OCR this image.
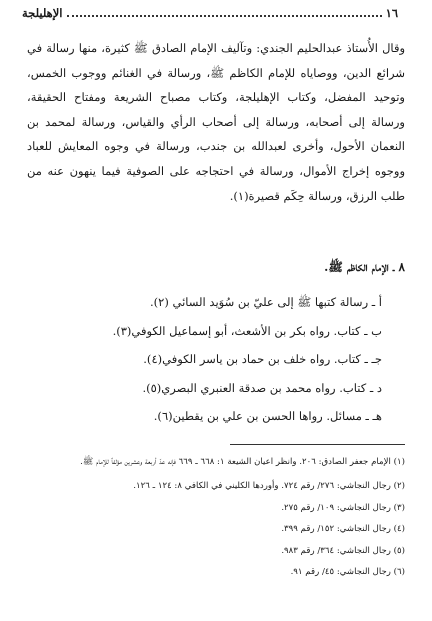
١٦
الإهليلجة

وقال الأُستاذ عبدالحليم الجندي: وتآليف الإمام الصادق ﷺ كثيرة، منها رسالة في شرائع الدين، ووصاياه للإمام الكاظم ﷺ، ورسالة في الغنائم ووجوب الخمس، وتوحيد المفضل، وكتاب الإهليلجة، وكتاب مصباح الشريعة ومفتاح الحقيقة، ورسالة إلى أصحابه، ورسالة إلى أصحاب الرأي والقياس، ورسالة لمحمد بن النعمان الأحول، وأخرى لعبدالله بن جندب، ورسالة في وجوه المعايش للعباد ووجوه إخراج الأموال، ورسالة في احتجاجه على الصوفية فيما ينهون عنه من طلب الرزق، ورسالة حِكَم قصيرة(١).

٨ ـ الإمام الكاظم ﷺ.
أ ـ رسالة كتبها ﷺ إلى عليّ بن سُوَيد السائي (٢).
ب ـ كتاب. رواه بكر بن الأشعث، أبو إسماعيل الكوفي(٣).
جـ ـ كتاب. رواه خلف بن حماد بن ياسر الكوفي(٤).
د ـ كتاب. رواه محمد بن صدقة العنبري البصري(٥).
هـ ـ مسائل. رواها الحسن بن علي بن يقطين(٦).
(١) الإمام جعفر الصادق: ٢٠٦. وانظر اعيان الشيعة ١: ٦٦٨ ـ ٦٦٩ فإنه عدّ أربعة وعشرين مؤلفاً للإمام ﷺ.
(٢) رجال النجاشي: ٢٧٦/ رقم ٧٢٤. وأوردها الكليني في الكافي ٨: ١٢٤ ـ ١٢٦.
(٣) رجال النجاشي: ١٠٩/ رقم ٢٧٥.
(٤) رجال النجاشي: ١٥٢/ رقم ٣٩٩.
(٥) رجال النجاشي: ٣٦٤/ رقم ٩٨٣.
(٦) رجال النجاشي: ٤٥/ رقم ٩١.
